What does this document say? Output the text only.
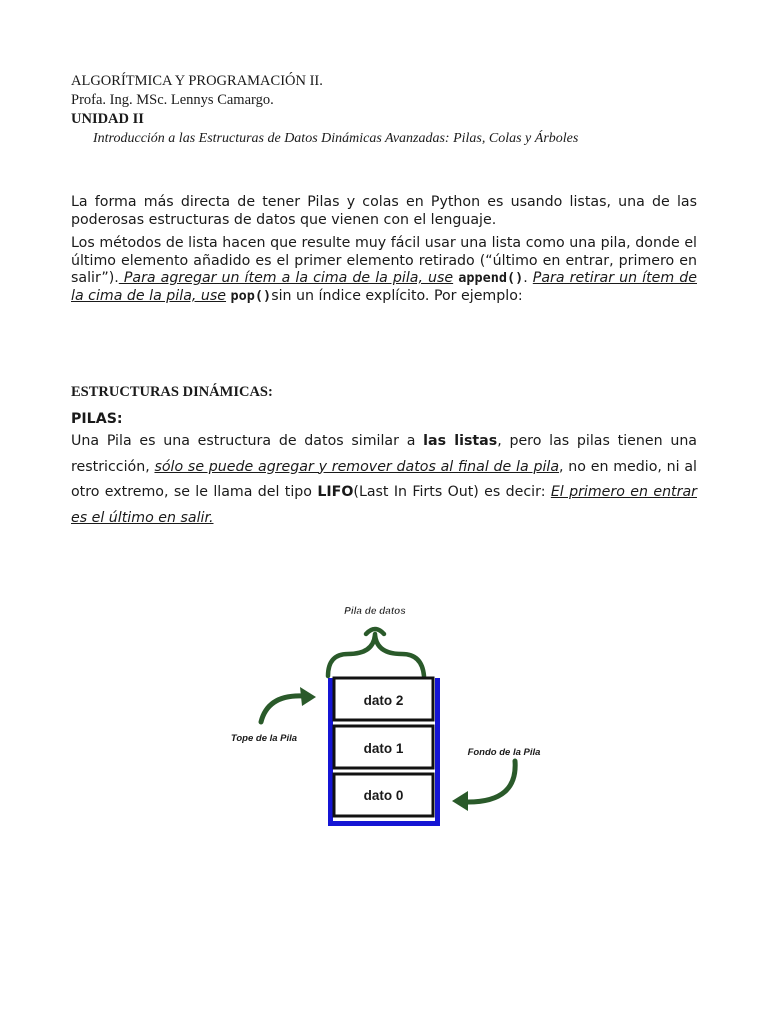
ALGORÍTMICA Y PROGRAMACIÓN II.
Profa. Ing. MSc. Lennys Camargo.
UNIDAD II
Introducción a las Estructuras de Datos Dinámicas Avanzadas: Pilas, Colas y Árboles

La forma más directa de tener Pilas y colas en Python es usando listas, una de las poderosas estructuras de datos que vienen con el lenguaje.

Los métodos de lista hacen que resulte muy fácil usar una lista como una pila, donde el último elemento añadido es el primer elemento retirado (“último en entrar, primero en salir”). Para agregar un ítem a la cima de la pila, use append(). Para retirar un ítem de la cima de la pila, use pop()sin un índice explícito. Por ejemplo:

ESTRUCTURAS DINÁMICAS:
PILAS:

Una Pila es una estructura de datos similar a las listas, pero las pilas tienen una restricción, sólo se puede agregar y remover datos al final de la pila, no en medio, ni al otro extremo, se le llama del tipo LIFO(Last In Firts Out) es decir: El primero en entrar es el último en salir.

Pila de datos
dato 2
dato 1
dato 0
Tope de la Pila
Fondo de la Pila
